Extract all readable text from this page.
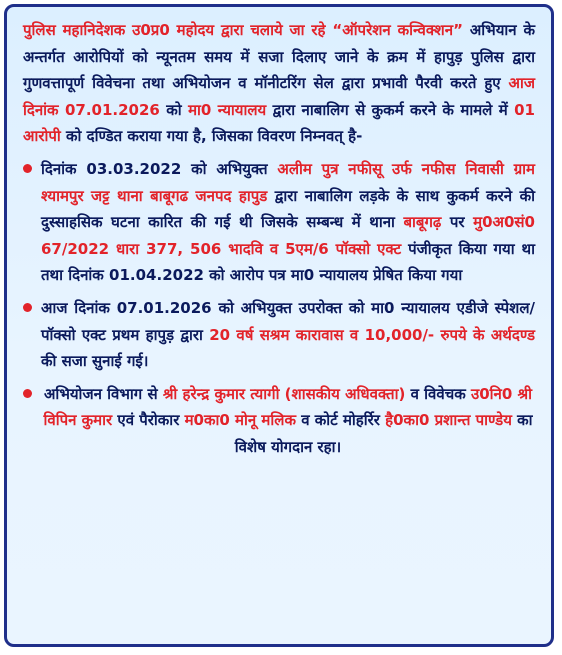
पुलिस महानिदेशक उ0प्र0 महोदय द्वारा चलाये जा रहे “ऑपरेशन कन्विक्शन” अभियान के अन्तर्गत आरोपियों को न्यूनतम समय में सजा दिलाए जाने के क्रम में हापुड़ पुलिस द्वारा गुणवत्तापूर्ण विवेचना तथा अभियोजन व मॉनीटरिंग सेल द्वारा प्रभावी पैरवी करते हुए आज दिनांक 07.01.2026 को मा0 न्यायालय द्वारा नाबालिग से कुकर्म करने के मामले में 01 आरोपी को दण्डित कराया गया है, जिसका विवरण निम्नवत् है-

दिनांक 03.03.2022 को अभियुक्त अलीम पुत्र नफीसू उर्फ नफीस निवासी ग्राम श्यामपुर जट्ट थाना बाबूगढ जनपद हापुड द्वारा नाबालिग लड़के के साथ कुकर्म करने की दुस्साहसिक घटना कारित की गई थी जिसके सम्बन्ध में थाना बाबूगढ़ पर मु0अ0सं0 67/2022 धारा 377, 506 भादवि व 5एम/6 पॉक्सो एक्ट पंजीकृत किया गया था तथा दिनांक 01.04.2022 को आरोप पत्र मा0 न्यायालय प्रेषित किया गया
आज दिनांक 07.01.2026 को अभियुक्त उपरोक्त को मा0 न्यायालय एडीजे स्पेशल/पॉक्सो एक्ट प्रथम हापुड़ द्वारा 20 वर्ष सश्रम कारावास व 10,000/- रुपये के अर्थदण्ड की सजा सुनाई गई।
अभियोजन विभाग से श्री हरेन्द्र कुमार त्यागी (शासकीय अधिवक्ता) व विवेचक उ0नि0 श्री विपिन कुमार एवं पैरोकार म0का0 मोनू मलिक व कोर्ट मोहर्रिर है0का0 प्रशान्त पाण्डेय का विशेष योगदान रहा।
